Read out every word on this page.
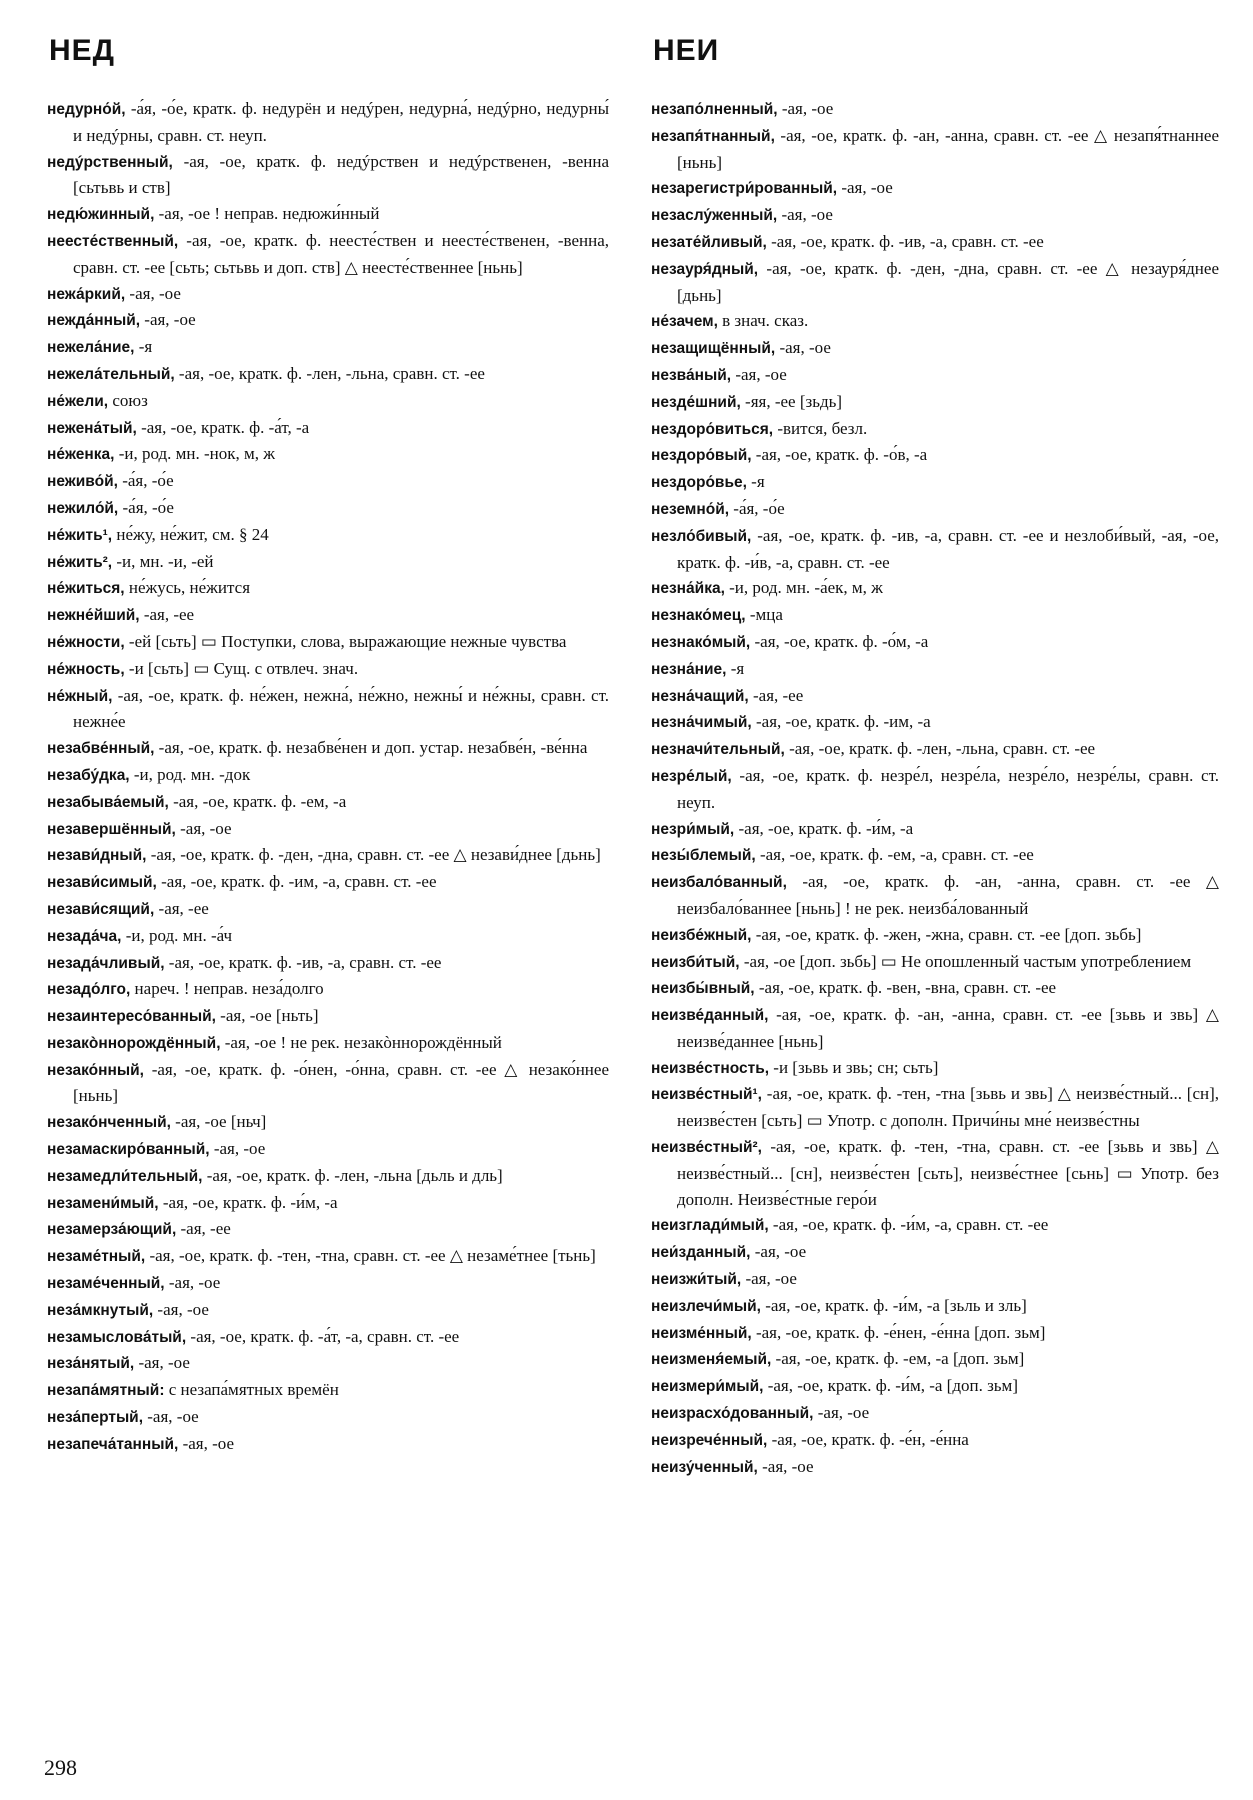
НЕД	НЕИ

недурно́й, -а́я, -о́е, кратк. ф. недурён и недýрен, недурна́, недýрно, недурны́ и недýрны, сравн. ст. неуп.

недýрственный, -ая, -ое, кратк. ф. недýрствен и недýрственен, -венна [сьтьвь и ств]

недю́жинный, -ая, -ое ! неправ. недюжи́нный

неесте́ственный, -ая, -ое, кратк. ф. неесте́ствен и неесте́ственен, -венна, сравн. ст. -ее [сьть; сьтьвь и доп. ств] △ неесте́ственнее [ньнь]

нежа́ркий, -ая, -ое

нежда́нный, -ая, -ое

нежела́ние, -я

нежела́тельный, -ая, -ое, кратк. ф. -лен, -льна, сравн. ст. -ее

не́жели, союз

нежена́тый, -ая, -ое, кратк. ф. -а́т, -а

не́женка, -и, род. мн. -нок, м, ж

неживо́й, -а́я, -о́е

нежило́й, -а́я, -о́е

не́жить¹, не́жу, не́жит, см. § 24

не́жить², -и, мн. -и, -ей

не́житься, не́жусь, не́жится

нежне́йший, -ая, -ее

не́жности, -ей [сьть] ▭ Поступки, слова, выражающие нежные чувства

не́жность, -и [сьть] ▭ Сущ. с отвлеч. знач.

не́жный, -ая, -ое, кратк. ф. не́жен, нежна́, не́жно, нежны́ и не́жны, сравн. ст. нежне́е

незабве́нный, -ая, -ое, кратк. ф. незабве́нен и доп. устар. незабве́н, -ве́нна

незабу́дка, -и, род. мн. -док

незабыва́емый, -ая, -ое, кратк. ф. -ем, -а

незавершённый, -ая, -ое

незави́дный, -ая, -ое, кратк. ф. -ден, -дна, сравн. ст. -ее △ незави́днее [дьнь]

незави́симый, -ая, -ое, кратк. ф. -им, -а, сравн. ст. -ее

незави́сящий, -ая, -ее

незада́ча, -и, род. мн. -а́ч

незада́чливый, -ая, -ое, кратк. ф. -ив, -а, сравн. ст. -ее

незадо́лго, нареч. ! неправ. неза́долго

незаинтересо́ванный, -ая, -ое [ньть]

незакòннорождённый, -ая, -ое ! не рек. незакòннорождённый

незако́нный, -ая, -ое, кратк. ф. -о́нен, -о́нна, сравн. ст. -ее △ незако́ннее [ньнь]

незако́нченный, -ая, -ое [ньч]

незамаскиро́ванный, -ая, -ое

незамедли́тельный, -ая, -ое, кратк. ф. -лен, -льна [дьль и дль]

незамени́мый, -ая, -ое, кратк. ф. -и́м, -а

незамерза́ющий, -ая, -ее

незаме́тный, -ая, -ое, кратк. ф. -тен, -тна, сравн. ст. -ее △ незаме́тнее [тьнь]

незаме́ченный, -ая, -ое

неза́мкнутый, -ая, -ое

незамыслова́тый, -ая, -ое, кратк. ф. -а́т, -а, сравн. ст. -ее

неза́нятый, -ая, -ое

незапа́мятный: с незапа́мятных времён

неза́пертый, -ая, -ое

незапеча́танный, -ая, -ое

незапо́лненный, -ая, -ое

незапя́тнанный, -ая, -ое, кратк. ф. -ан, -анна, сравн. ст. -ее △ незапя́тнаннее [ньнь]

незарегистри́рованный, -ая, -ое

незаслу́женный, -ая, -ое

незате́йливый, -ая, -ое, кратк. ф. -ив, -а, сравн. ст. -ее

незауря́дный, -ая, -ое, кратк. ф. -ден, -дна, сравн. ст. -ее △ незауря́днее [дьнь]

не́зачем, в знач. сказ.

незащищённый, -ая, -ое

незва́ный, -ая, -ое

незде́шний, -яя, -ее [зьдь]

нездоро́виться, -вится, безл.

нездоро́вый, -ая, -ое, кратк. ф. -о́в, -а

нездоро́вье, -я

неземно́й, -а́я, -о́е

незло́бивый, -ая, -ое, кратк. ф. -ив, -а, сравн. ст. -ее и незлоби́вый, -ая, -ое, кратк. ф. -и́в, -а, сравн. ст. -ее

незна́йка, -и, род. мн. -а́ек, м, ж

незнако́мец, -мца

незнако́мый, -ая, -ое, кратк. ф. -о́м, -а

незна́ние, -я

незна́чащий, -ая, -ее

незна́чимый, -ая, -ое, кратк. ф. -им, -а

незначи́тельный, -ая, -ое, кратк. ф. -лен, -льна, сравн. ст. -ее

незре́лый, -ая, -ое, кратк. ф. незре́л, незре́ла, незре́ло, незре́лы, сравн. ст. неуп.

незри́мый, -ая, -ое, кратк. ф. -и́м, -а

незы́блемый, -ая, -ое, кратк. ф. -ем, -а, сравн. ст. -ее

неизбало́ванный, -ая, -ое, кратк. ф. -ан, -анна, сравн. ст. -ее △ неизбало́ваннее [ньнь] ! не рек. неизба́лованный

неизбе́жный, -ая, -ое, кратк. ф. -жен, -жна, сравн. ст. -ее [доп. зьбь]

неизби́тый, -ая, -ое [доп. зьбь] ▭ Не опошленный частым употреблением

неизбы́вный, -ая, -ое, кратк. ф. -вен, -вна, сравн. ст. -ее

неизве́данный, -ая, -ое, кратк. ф. -ан, -анна, сравн. ст. -ее [зьвь и звь] △ неизве́даннее [ньнь]

неизве́стность, -и [зьвь и звь; сн; сьть]

неизве́стный¹, -ая, -ое, кратк. ф. -тен, -тна [зьвь и звь] △ неизве́стный... [сн], неизве́стен [сьть] ▭ Употр. с дополн. Причи́ны мне́ неизве́стны

неизве́стный², -ая, -ое, кратк. ф. -тен, -тна, сравн. ст. -ее [зьвь и звь] △ неизве́стный... [сн], неизве́стен [сьть], неизве́стнее [сьнь] ▭ Употр. без дополн. Неизве́стные геро́и

неизглади́мый, -ая, -ое, кратк. ф. -и́м, -а, сравн. ст. -ее

неи́зданный, -ая, -ое

неизжи́тый, -ая, -ое

неизлечи́мый, -ая, -ое, кратк. ф. -и́м, -а [зьль и зль]

неизме́нный, -ая, -ое, кратк. ф. -е́нен, -е́нна [доп. зьм]

неизменя́емый, -ая, -ое, кратк. ф. -ем, -а [доп. зьм]

неизмери́мый, -ая, -ое, кратк. ф. -и́м, -а [доп. зьм]

неизрасхо́дованный, -ая, -ое

неизрече́нный, -ая, -ое, кратк. ф. -е́н, -е́нна

неизу́ченный, -ая, -ое

298
